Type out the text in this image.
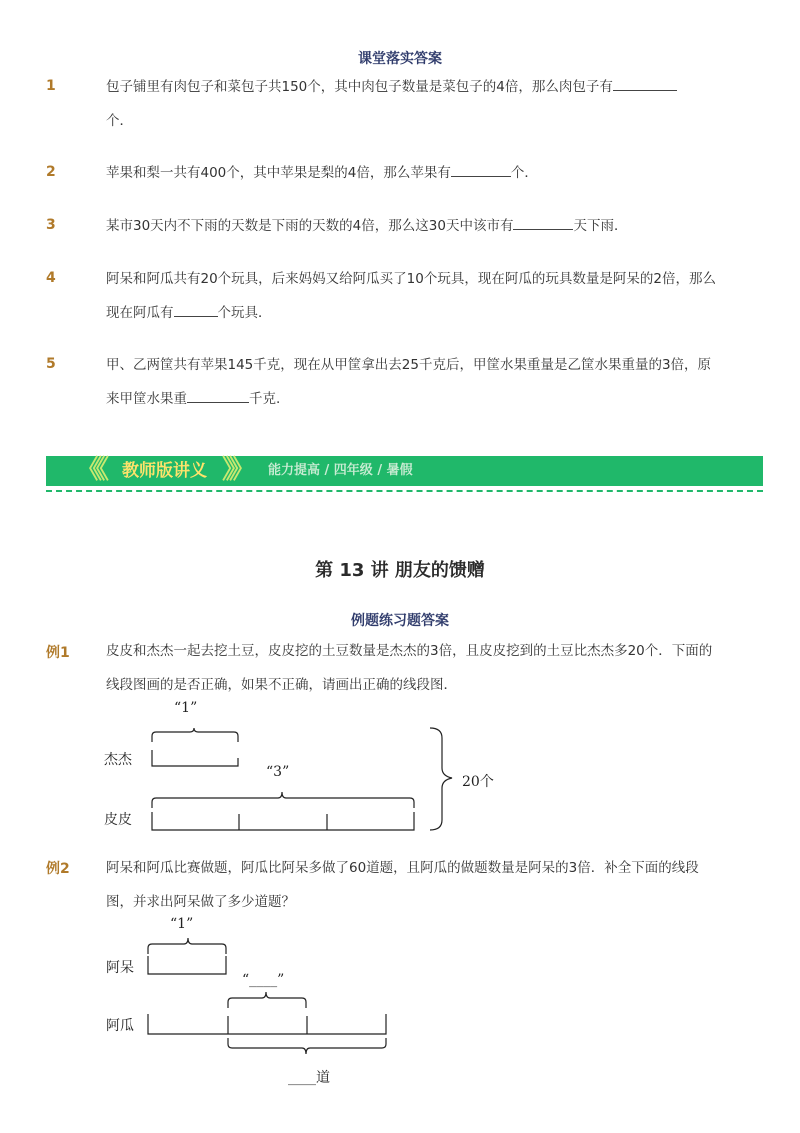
课堂落实答案
1	包子铺里有肉包子和菜包子共150个，其中肉包子数量是菜包子的4倍，那么肉包子有
个．
2	苹果和梨一共有400个，其中苹果是梨的4倍，那么苹果有	个．
3	某市30天内不下雨的天数是下雨的天数的4倍，那么这30天中该市有	天下雨．
4	阿呆和阿瓜共有20个玩具，后来妈妈又给阿瓜买了10个玩具，现在阿瓜的玩具数量是阿呆的2倍，那么现在阿瓜有	个玩具．
5	甲、乙两筐共有苹果145千克，现在从甲筐拿出去25千克后，甲筐水果重量是乙筐水果重量的3倍，原来甲筐水果重	千克.
《《 教师版讲义 》》 能力提高 / 四年级 / 暑假
第 13 讲 朋友的馈赠
例题练习题答案
例1	皮皮和杰杰一起去挖土豆，皮皮挖的土豆数量是杰杰的3倍，且皮皮挖到的土豆比杰杰多20个．下面的线段图画的是否正确，如果不正确，请画出正确的线段图．
“1”
杰杰
“3”
皮皮
20个
例2	阿呆和阿瓜比赛做题，阿瓜比阿呆多做了60道题，且阿瓜的做题数量是阿呆的3倍．补全下面的线段图，并求出阿呆做了多少道题？
“1”
阿呆
“____”
阿瓜
____道
